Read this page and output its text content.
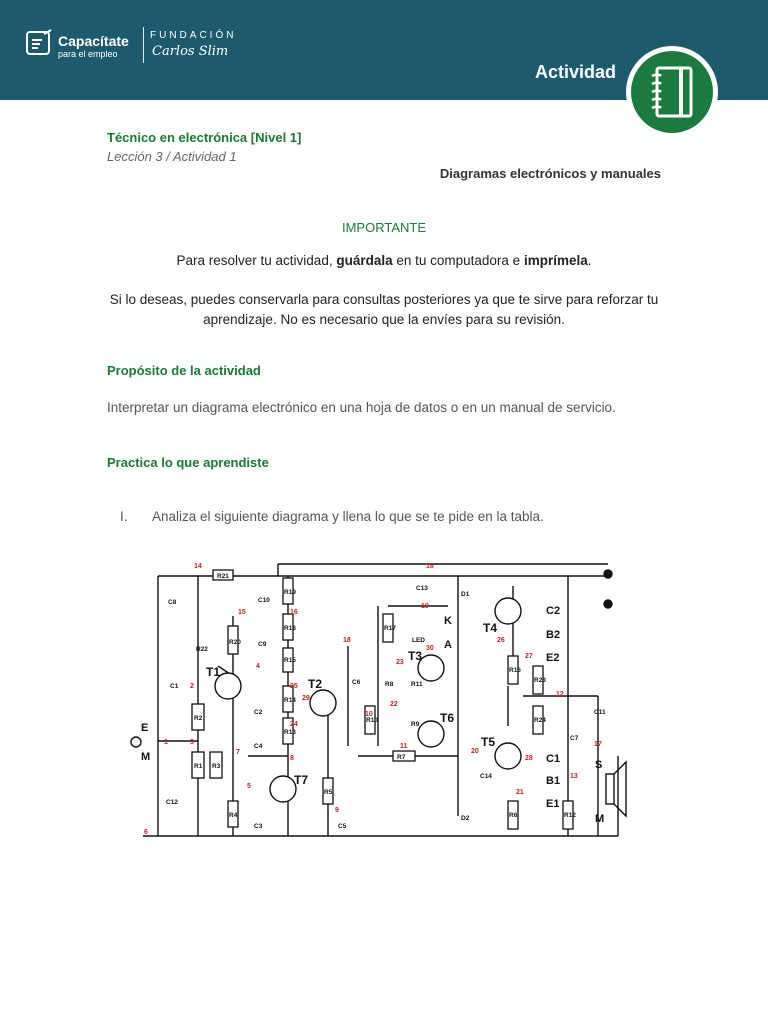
Capacítate
para el empleo
FUNDACIÓN
Carlos Slim
Actividad
Técnico en electrónica [Nivel 1]
Lección 3 / Actividad 1
Diagramas electrónicos y manuales
IMPORTANTE
Para resolver tu actividad, guárdala en tu computadora e imprímela.
Si lo deseas, puedes conservarla para consultas posteriores ya que te sirve para reforzar tu aprendizaje. No es necesario que la envíes para su revisión.
Propósito de la actividad
Interpretar un diagrama electrónico en una hoja de datos o en un manual de servicio.
Practica lo que aprendiste
I. Analiza el siguiente diagrama y llena lo que se te pide en la tabla.
R21
R22
R20
R19
R18
R15
R14
R13
R2
R1 R3
R4
R5
R10
R17
R7
R16
R23
R24
R12
R6
R11
R9
R8
T1
T2
T3
T4
T5
T6
T7
C2
B2
E2
C1
B1
E1
E
M
S
M
K
A
LED
D1
D2
C8	C10
C9
C1
C2
C4
C12
C3	C5
C6
C13
C14
C7
C11
14	18
15	16
19
30
4
2
18
25
29
24
23
22
26
27
28
20
21
12
17
13
11
3
1
7
8
5
9
6
10
